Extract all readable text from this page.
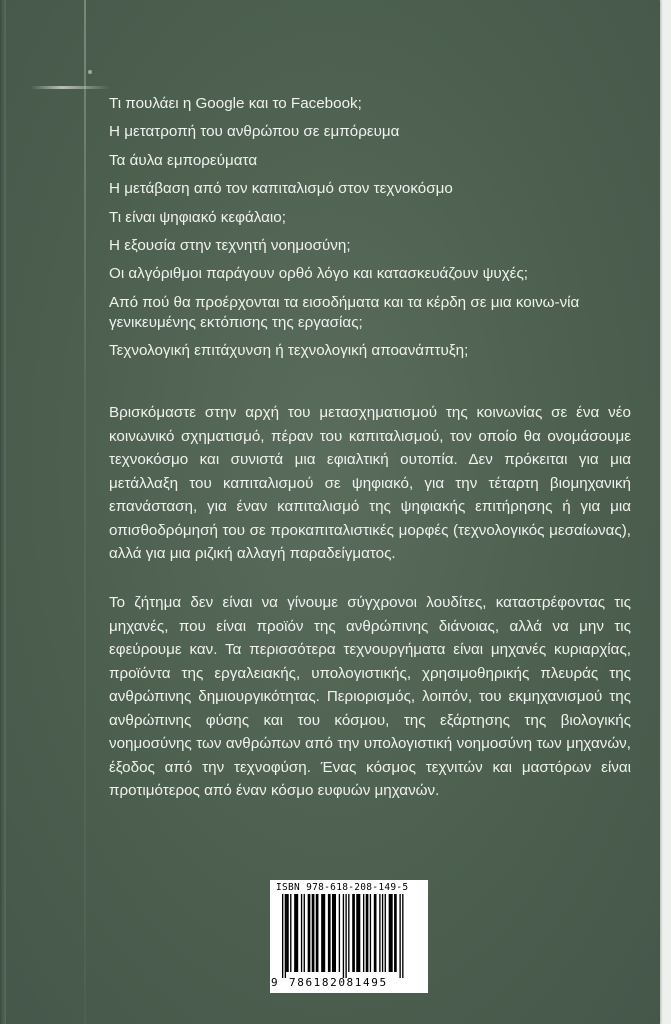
Τι πουλάει η Google και το Facebook;
Η μετατροπή του ανθρώπου σε εμπόρευμα
Τα άυλα εμπορεύματα
Η μετάβαση από τον καπιταλισμό στον τεχνοκόσμο
Τι είναι ψηφιακό κεφάλαιο;
Η εξουσία στην τεχνητή νοημοσύνη;
Οι αλγόριθμοι παράγουν ορθό λόγο και κατασκευάζουν ψυχές;
Από πού θα προέρχονται τα εισοδήματα και τα κέρδη σε μια κοινω-νία γενικευμένης εκτόπισης της εργασίας;
Τεχνολογική επιτάχυνση ή τεχνολογική αποανάπτυξη;

Βρισκόμαστε στην αρχή του μετασχηματισμού της κοινωνίας σε ένα νέο κοινωνικό σχηματισμό, πέραν του καπιταλισμού, τον οποίο θα ονομάσουμε τεχνοκόσμο και συνιστά μια εφιαλτική ουτοπία. Δεν πρόκειται για μια μετάλλαξη του καπιταλισμού σε ψηφιακό, για την τέταρτη βιομηχανική επανάσταση, για έναν καπιταλισμό της ψηφιακής επιτήρησης ή για μια οπισθοδρόμησή του σε προκαπιταλιστικές μορφές (τεχνολογικός μεσαίωνας), αλλά για μια ριζική αλλαγή παραδείγματος.

Το ζήτημα δεν είναι να γίνουμε σύγχρονοι λουδίτες, καταστρέφοντας τις μηχανές, που είναι προϊόν της ανθρώπινης διάνοιας, αλλά να μην τις εφεύρουμε καν. Τα περισσότερα τεχνουργήματα είναι μηχανές κυριαρχίας, προϊόντα της εργαλειακής, υπολογιστικής, χρησιμοθηρικής πλευράς της ανθρώπινης δημιουργικότητας. Περιορισμός, λοιπόν, του εκμηχανισμού της ανθρώπινης φύσης και του κόσμου, της εξάρτησης της βιολογικής νοημοσύνης των ανθρώπων από την υπολογιστική νοημοσύνη των μηχανών, έξοδος από την τεχνοφύση. Ένας κόσμος τεχνιτών και μαστόρων είναι προτιμότερος από έναν κόσμο ευφυών μηχανών.

ISBN 978-618-208-149-5
9 786182081495
